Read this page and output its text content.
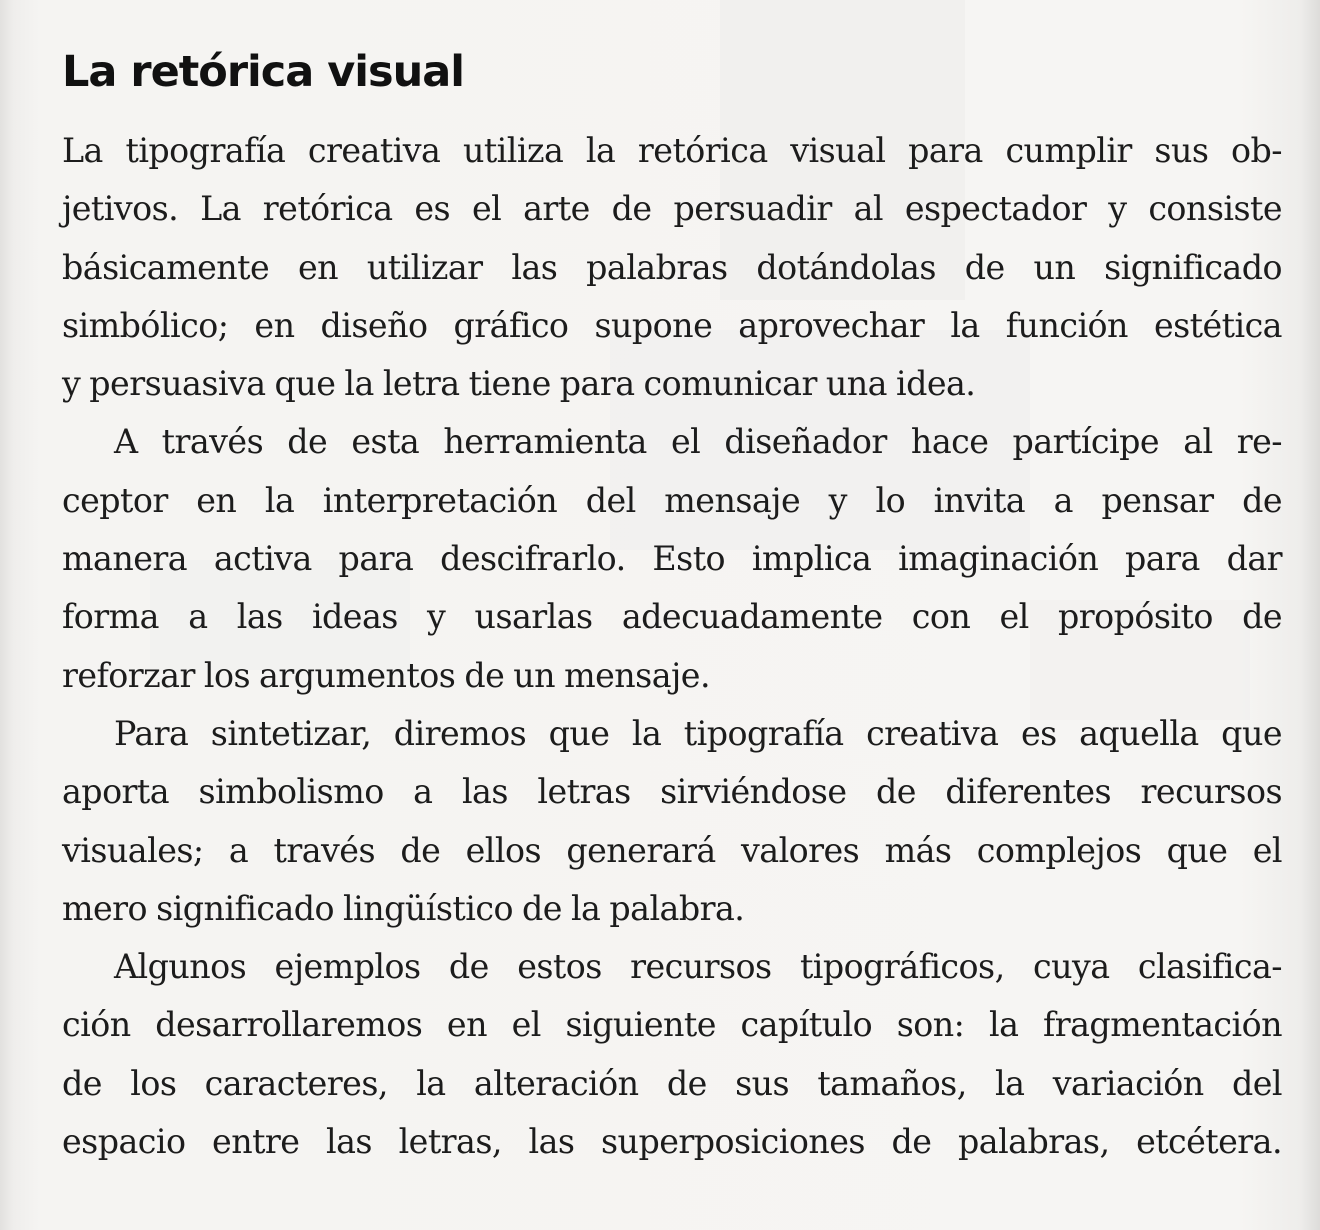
La retórica visual
La tipografía creativa utiliza la retórica visual para cumplir sus ob-
jetivos. La retórica es el arte de persuadir al espectador y consiste
básicamente en utilizar las palabras dotándolas de un significado
simbólico; en diseño gráfico supone aprovechar la función estética
y persuasiva que la letra tiene para comunicar una idea.
A través de esta herramienta el diseñador hace partícipe al re-
ceptor en la interpretación del mensaje y lo invita a pensar de
manera activa para descifrarlo. Esto implica imaginación para dar
forma a las ideas y usarlas adecuadamente con el propósito de
reforzar los argumentos de un mensaje.
Para sintetizar, diremos que la tipografía creativa es aquella que
aporta simbolismo a las letras sirviéndose de diferentes recursos
visuales; a través de ellos generará valores más complejos que el
mero significado lingüístico de la palabra.
Algunos ejemplos de estos recursos tipográficos, cuya clasifica-
ción desarrollaremos en el siguiente capítulo son: la fragmentación
de los caracteres, la alteración de sus tamaños, la variación del
espacio entre las letras, las superposiciones de palabras, etcétera.
